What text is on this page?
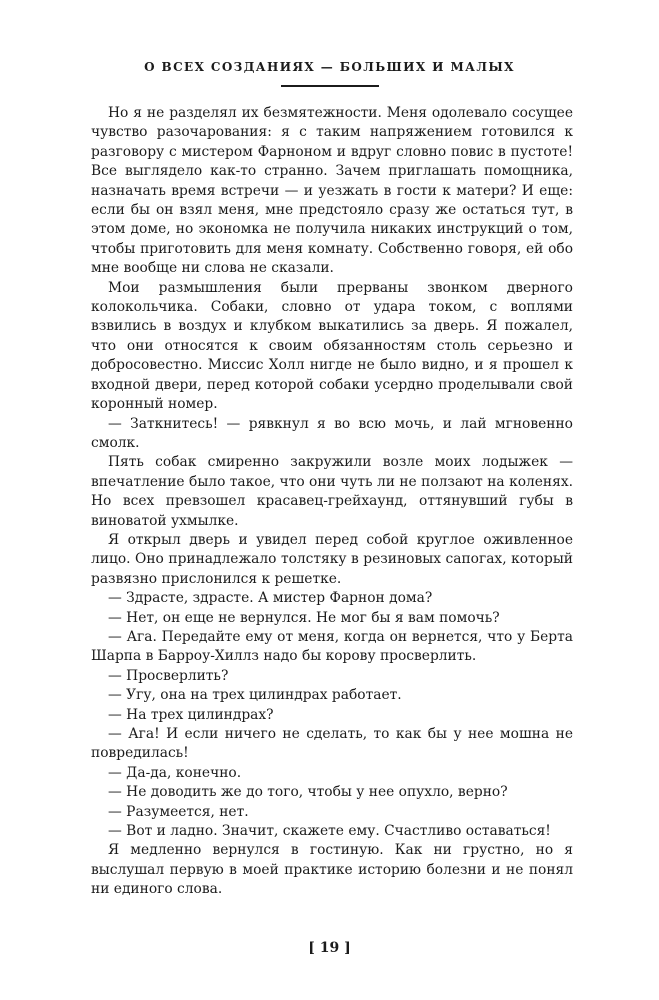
О ВСЕХ СОЗДАНИЯХ — БОЛЬШИХ И МАЛЫХ

Но я не разделял их безмятежности. Меня одолевало сосущее чувство разочарования: я с таким напряжением готовился к разговору с мистером Фарноном и вдруг словно повис в пустоте! Все выглядело как-то странно. Зачем приглашать помощника, назначать время встречи — и уезжать в гости к матери? И еще: если бы он взял меня, мне предстояло сразу же остаться тут, в этом доме, но экономка не получила никаких инструкций о том, чтобы приготовить для меня комнату. Собственно говоря, ей обо мне вообще ни слова не сказали.

Мои размышления были прерваны звонком дверного колокольчика. Собаки, словно от удара током, с воплями взвились в воздух и клубком выкатились за дверь. Я пожалел, что они относятся к своим обязанностям столь серьезно и добросовестно. Миссис Холл нигде не было видно, и я прошел к входной двери, перед которой собаки усердно проделывали свой коронный номер.

— Заткнитесь! — рявкнул я во всю мочь, и лай мгновенно смолк.

Пять собак смиренно закружили возле моих лодыжек — впечатление было такое, что они чуть ли не ползают на коленях. Но всех превзошел красавец-грейхаунд, оттянувший губы в виноватой ухмылке.

Я открыл дверь и увидел перед собой круглое оживленное лицо. Оно принадлежало толстяку в резиновых сапогах, который развязно прислонился к решетке.

— Здрасте, здрасте. А мистер Фарнон дома?

— Нет, он еще не вернулся. Не мог бы я вам помочь?

— Ага. Передайте ему от меня, когда он вернется, что у Берта Шарпа в Барроу-Хиллз надо бы корову просверлить.

— Просверлить?

— Угу, она на трех цилиндрах работает.

— На трех цилиндрах?

— Ага! И если ничего не сделать, то как бы у нее мошна не повредилась!

— Да-да, конечно.

— Не доводить же до того, чтобы у нее опухло, верно?

— Разумеется, нет.

— Вот и ладно. Значит, скажете ему. Счастливо оставаться!

Я медленно вернулся в гостиную. Как ни грустно, но я выслушал первую в моей практике историю болезни и не понял ни единого слова.

[ 19 ]
